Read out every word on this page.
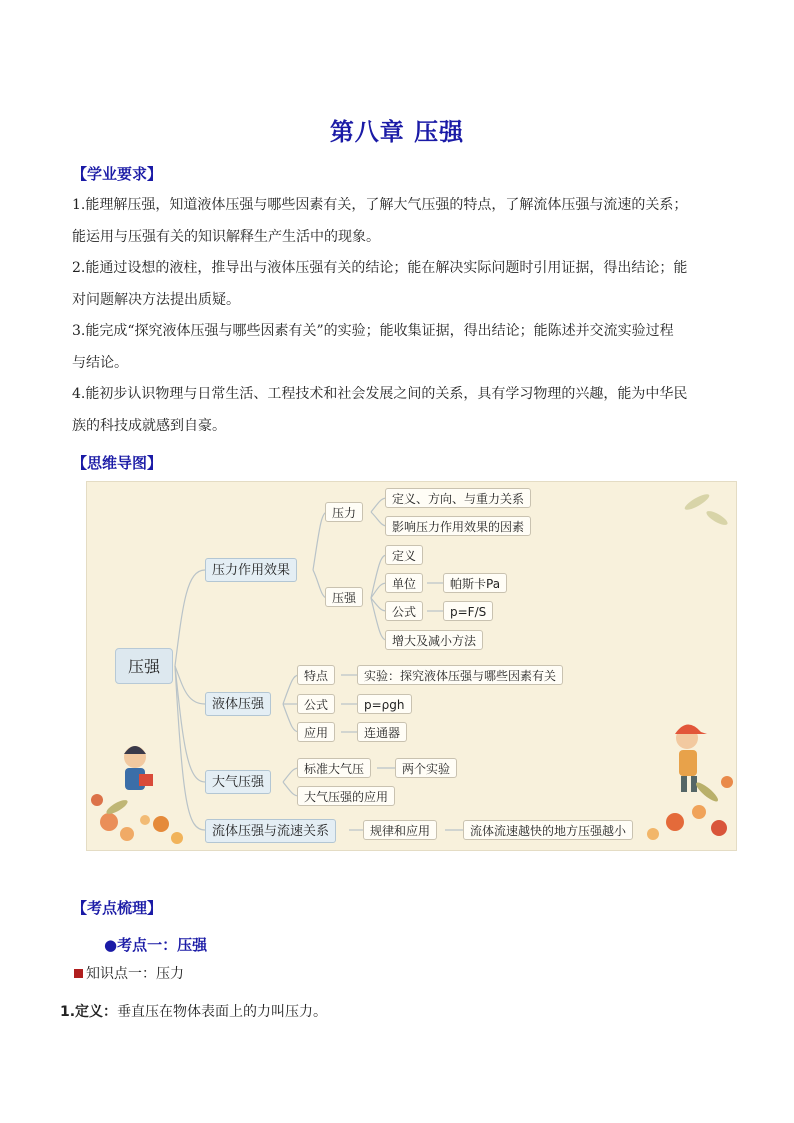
第八章 压强
【学业要求】
1.能理解压强，知道液体压强与哪些因素有关，了解大气压强的特点，了解流体压强与流速的关系；
能运用与压强有关的知识解释生产生活中的现象。
2.能通过设想的液柱，推导出与液体压强有关的结论；能在解决实际问题时引用证据，得出结论；能
对问题解决方法提出质疑。
3.能完成“探究液体压强与哪些因素有关”的实验；能收集证据，得出结论；能陈述并交流实验过程
与结论。
4.能初步认识物理与日常生活、工程技术和社会发展之间的关系，具有学习物理的兴趣，能为中华民
族的科技成就感到自豪。
【思维导图】
压强
压力作用效果
液体压强
大气压强
流体压强与流速关系
压力
定义、方向、与重力关系
影响压力作用效果的因素
压强
定义
单位
公式
增大及减小方法
帕斯卡Pa
p=F/S
特点
公式
应用
实验：探究液体压强与哪些因素有关
p=ρgh
连通器
标准大气压
大气压强的应用
两个实验
规律和应用	流体流速越快的地方压强越小
【考点梳理】
●考点一：压强
知识点一：压力
1.定义：垂直压在物体表面上的力叫压力。
